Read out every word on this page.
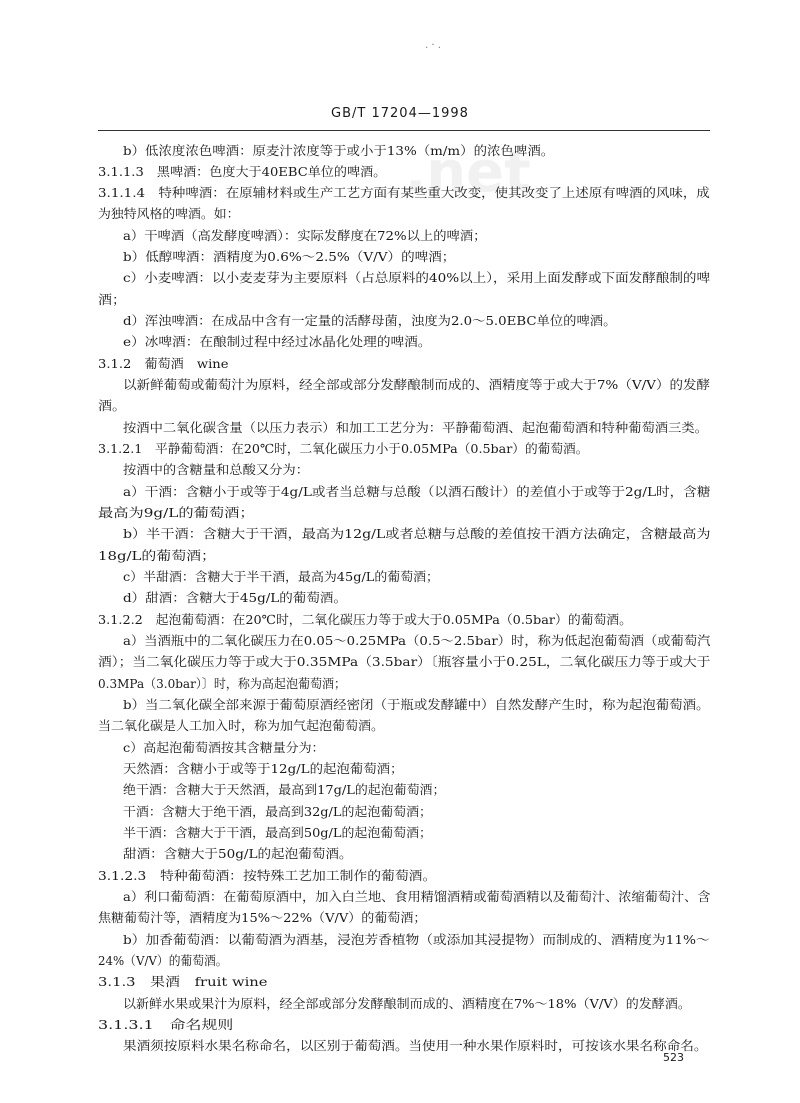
. · .
GB/T 17204—1998
.net
b）低浓度浓色啤酒：原麦汁浓度等于或小于13%（m/m）的浓色啤酒。
3.1.1.3　黑啤酒：色度大于40EBC单位的啤酒。
3.1.1.4　特种啤酒：在原辅材料或生产工艺方面有某些重大改变，使其改变了上述原有啤酒的风味，成
为独特风格的啤酒。如：
a）干啤酒（高发酵度啤酒）：实际发酵度在72%以上的啤酒；
b）低醇啤酒：酒精度为0.6%～2.5%（V/V）的啤酒；
c）小麦啤酒：以小麦麦芽为主要原料（占总原料的40%以上），采用上面发酵或下面发酵酿制的啤
酒；
d）浑浊啤酒：在成品中含有一定量的活酵母菌，浊度为2.0～5.0EBC单位的啤酒。
e）冰啤酒：在酿制过程中经过冰晶化处理的啤酒。
3.1.2　葡萄酒　wine
以新鲜葡萄或葡萄汁为原料，经全部或部分发酵酿制而成的、酒精度等于或大于7%（V/V）的发酵
酒。
按酒中二氧化碳含量（以压力表示）和加工工艺分为：平静葡萄酒、起泡葡萄酒和特种葡萄酒三类。
3.1.2.1　平静葡萄酒：在20℃时，二氧化碳压力小于0.05MPa（0.5bar）的葡萄酒。
按酒中的含糖量和总酸又分为：
a）干酒：含糖小于或等于4g/L或者当总糖与总酸（以酒石酸计）的差值小于或等于2g/L时，含糖
最高为9g/L的葡萄酒；
b）半干酒：含糖大于干酒，最高为12g/L或者总糖与总酸的差值按干酒方法确定，含糖最高为
18g/L的葡萄酒；
c）半甜酒：含糖大于半干酒，最高为45g/L的葡萄酒；
d）甜酒：含糖大于45g/L的葡萄酒。
3.1.2.2　起泡葡萄酒：在20℃时，二氧化碳压力等于或大于0.05MPa（0.5bar）的葡萄酒。
a）当酒瓶中的二氧化碳压力在0.05～0.25MPa（0.5～2.5bar）时，称为低起泡葡萄酒（或葡萄汽
酒）；当二氧化碳压力等于或大于0.35MPa（3.5bar）〔瓶容量小于0.25L，二氧化碳压力等于或大于
0.3MPa（3.0bar）〕时，称为高起泡葡萄酒；
b）当二氧化碳全部来源于葡萄原酒经密闭（于瓶或发酵罐中）自然发酵产生时，称为起泡葡萄酒。
当二氧化碳是人工加入时，称为加气起泡葡萄酒。
c）高起泡葡萄酒按其含糖量分为：
天然酒：含糖小于或等于12g/L的起泡葡萄酒；
绝干酒：含糖大于天然酒，最高到17g/L的起泡葡萄酒；
干酒：含糖大于绝干酒，最高到32g/L的起泡葡萄酒；
半干酒：含糖大于干酒，最高到50g/L的起泡葡萄酒；
甜酒：含糖大于50g/L的起泡葡萄酒。
3.1.2.3　特种葡萄酒：按特殊工艺加工制作的葡萄酒。
a）利口葡萄酒：在葡萄原酒中，加入白兰地、食用精馏酒精或葡萄酒精以及葡萄汁、浓缩葡萄汁、含
焦糖葡萄汁等，酒精度为15%～22%（V/V）的葡萄酒；
b）加香葡萄酒：以葡萄酒为酒基，浸泡芳香植物（或添加其浸提物）而制成的、酒精度为11%～
24%（V/V）的葡萄酒。
3.1.3　果酒　fruit wine
以新鲜水果或果汁为原料，经全部或部分发酵酿制而成的、酒精度在7%～18%（V/V）的发酵酒。
3.1.3.1　命名规则
果酒须按原料水果名称命名，以区别于葡萄酒。当使用一种水果作原料时，可按该水果名称命名。
523
